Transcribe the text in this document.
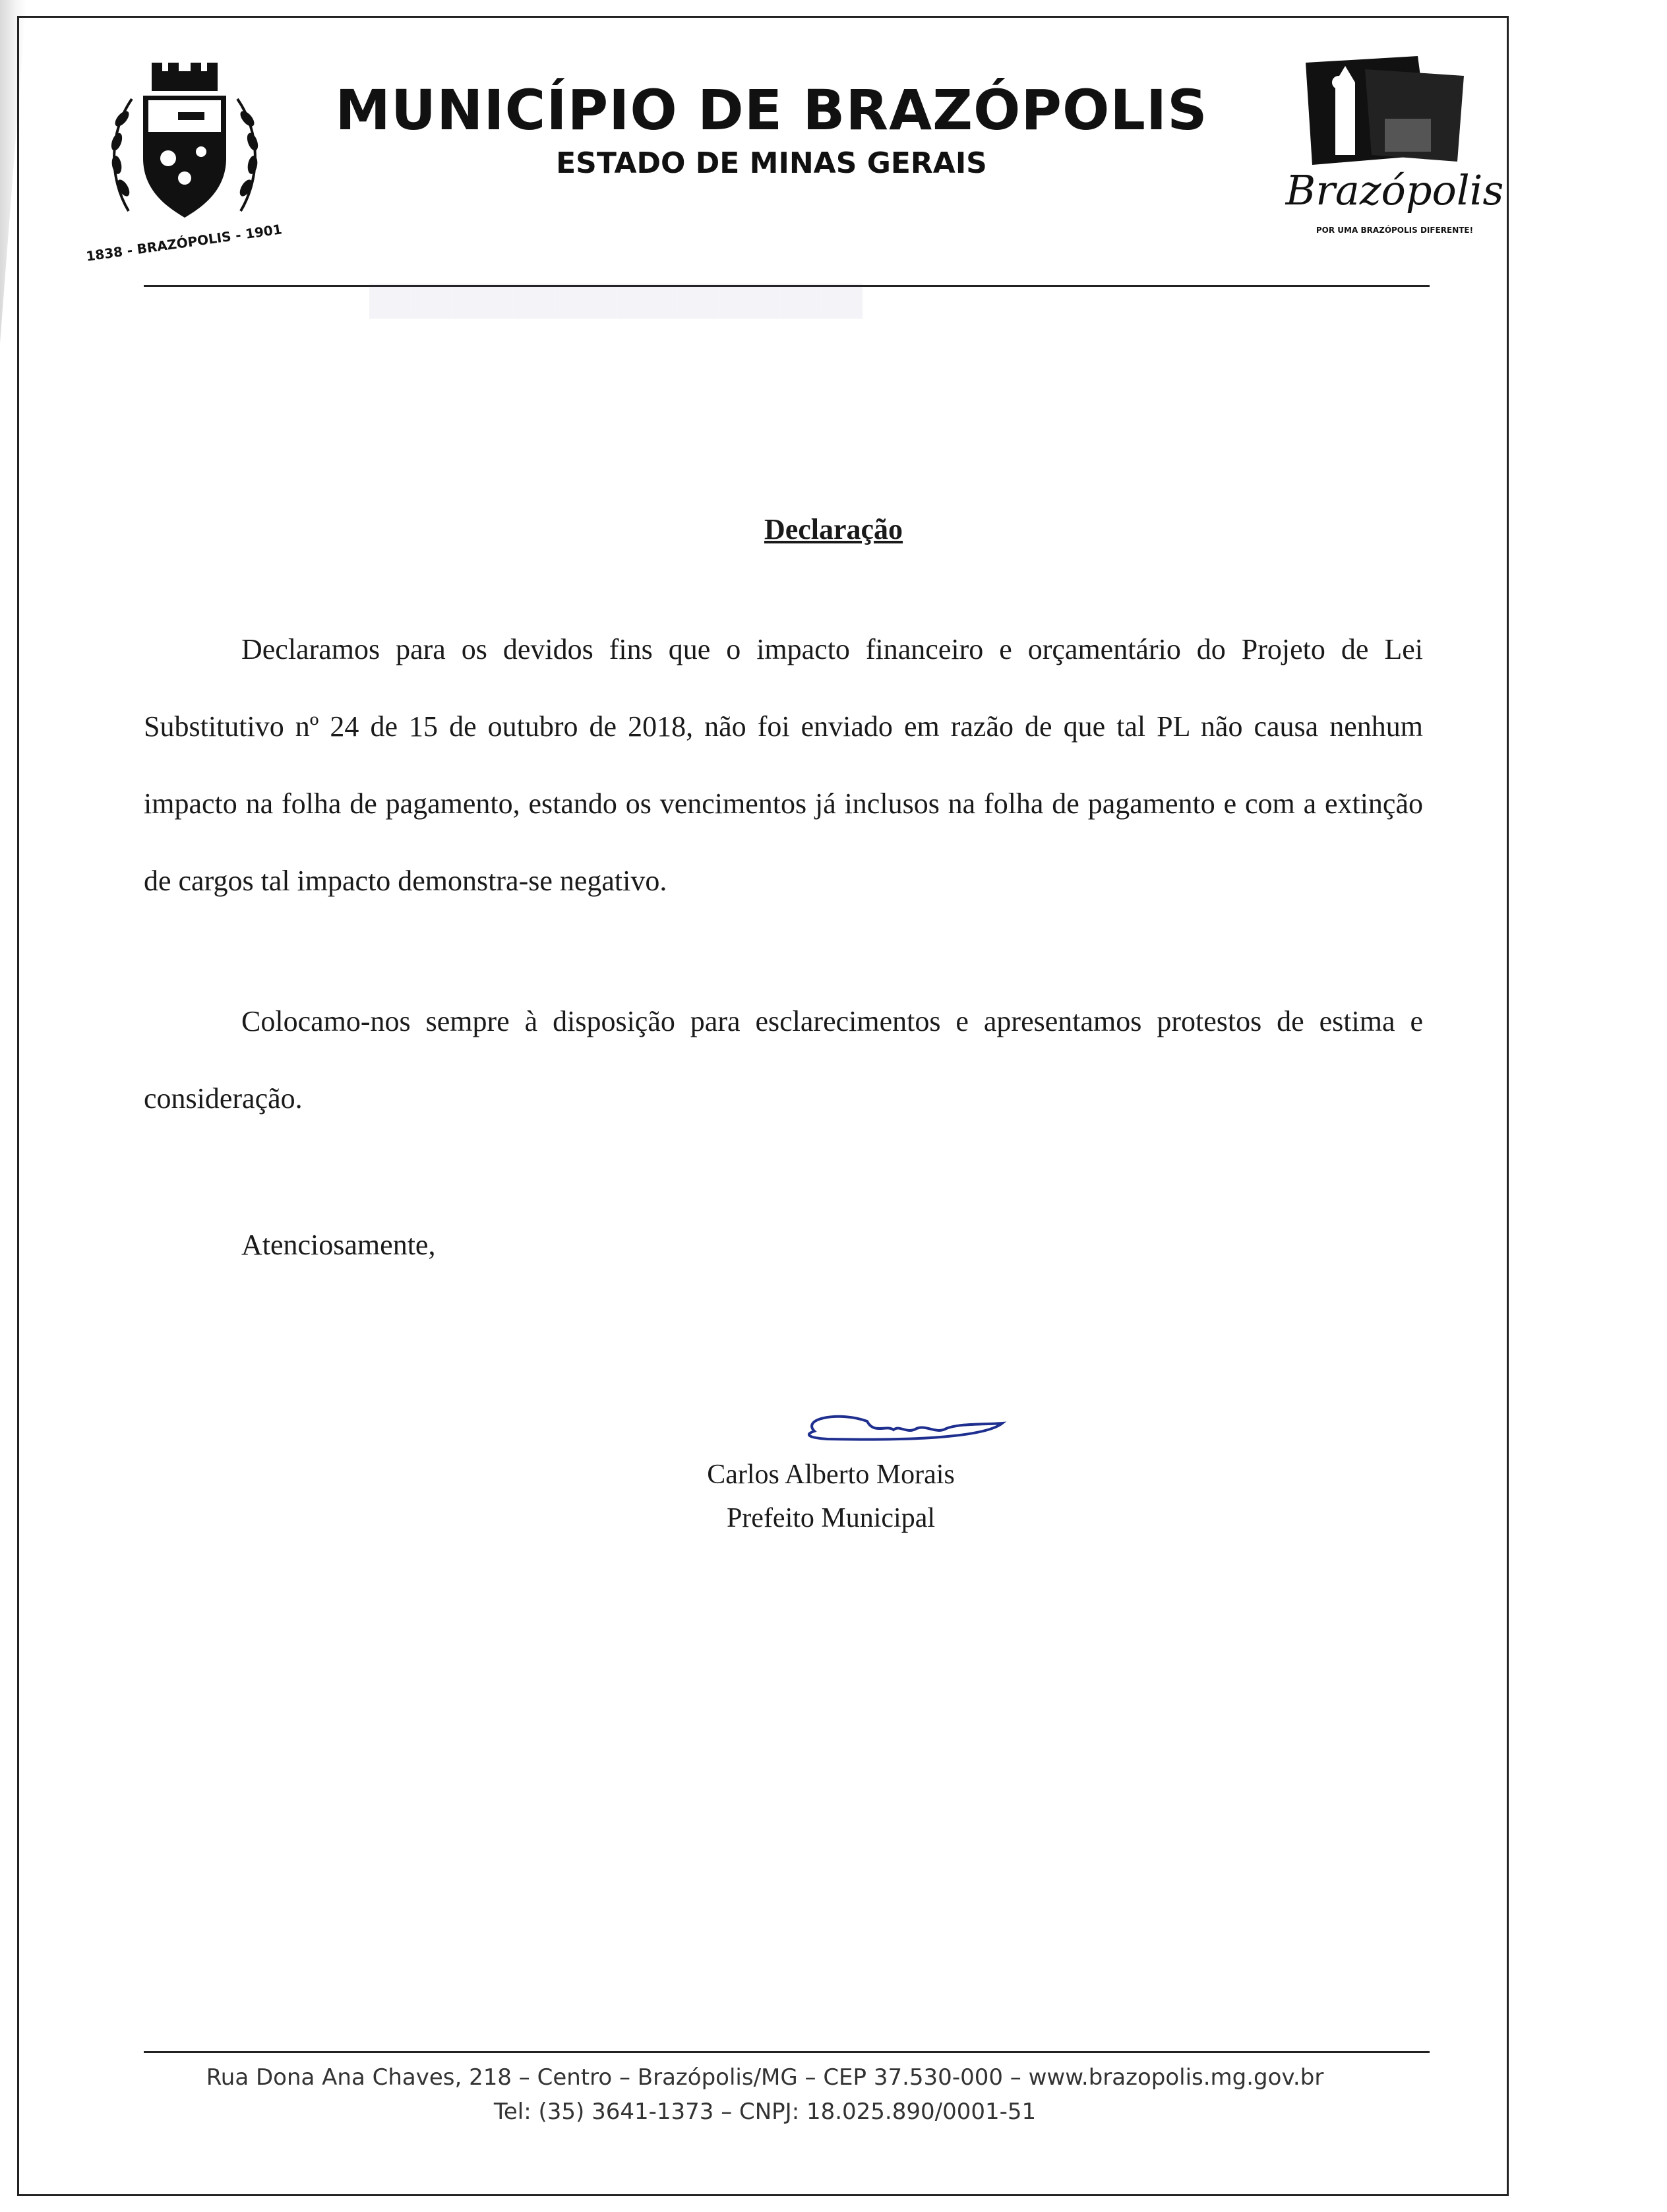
1838 - BRAZÓPOLIS - 1901
MUNICÍPIO DE BRAZÓPOLIS
ESTADO DE MINAS GERAIS
Brazópolis
POR UMA BRAZÓPOLIS DIFERENTE!
████████████████████████
Declaração

Declaramos para os devidos fins que o impacto financeiro e orçamentário do Projeto de Lei Substitutivo nº 24 de 15 de outubro de 2018, não foi enviado em razão de que tal PL não causa nenhum impacto na folha de pagamento, estando os vencimentos já inclusos na folha de pagamento e com a extinção de cargos tal impacto demonstra-se negativo.

Colocamo-nos sempre à disposição para esclarecimentos e apresentamos protestos de estima e consideração.

Atenciosamente,
Carlos Alberto Morais
Prefeito Municipal
Rua Dona Ana Chaves, 218 – Centro – Brazópolis/MG – CEP 37.530-000 – www.brazopolis.mg.gov.br
Tel: (35) 3641-1373 – CNPJ: 18.025.890/0001-51
